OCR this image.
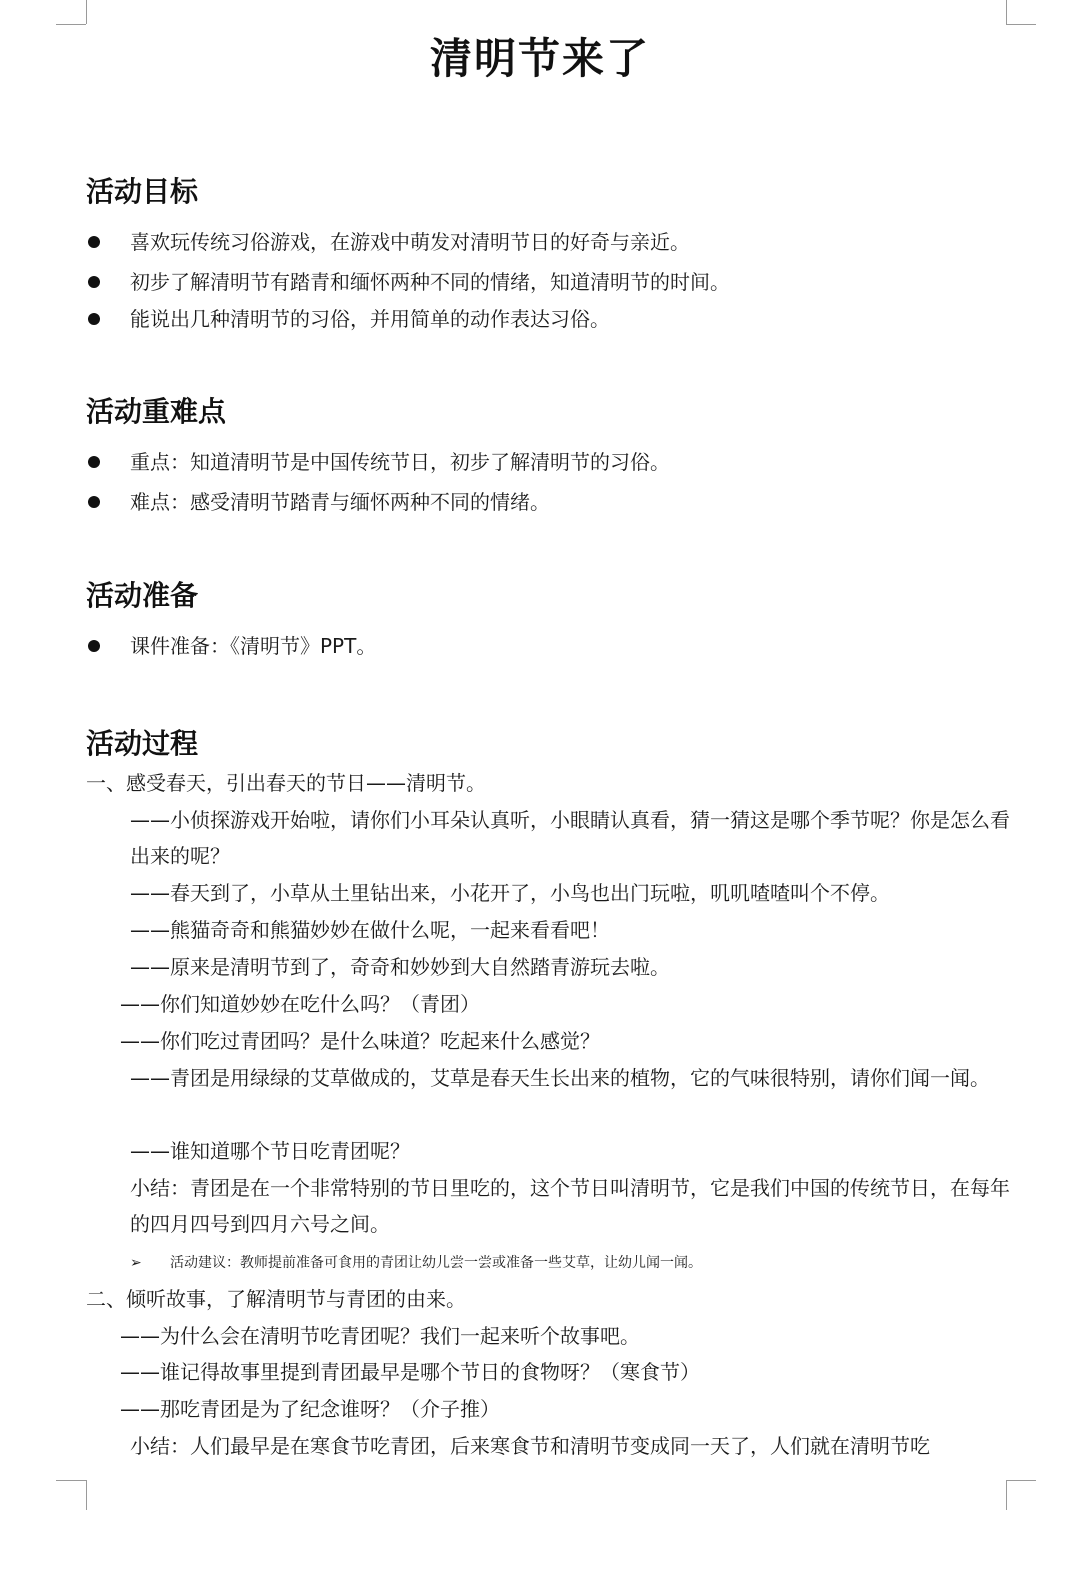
清明节来了
活动目标
喜欢玩传统习俗游戏，在游戏中萌发对清明节日的好奇与亲近。
初步了解清明节有踏青和缅怀两种不同的情绪，知道清明节的时间。
能说出几种清明节的习俗，并用简单的动作表达习俗。
活动重难点
重点：知道清明节是中国传统节日，初步了解清明节的习俗。
难点：感受清明节踏青与缅怀两种不同的情绪。
活动准备
课件准备：《清明节》PPT。
活动过程
一、感受春天，引出春天的节日——清明节。
——小侦探游戏开始啦，请你们小耳朵认真听，小眼睛认真看，猜一猜这是哪个季节呢？你是怎么看出来的呢？
——春天到了，小草从土里钻出来，小花开了，小鸟也出门玩啦，叽叽喳喳叫个不停。
——熊猫奇奇和熊猫妙妙在做什么呢，一起来看看吧！
——原来是清明节到了，奇奇和妙妙到大自然踏青游玩去啦。
——你们知道妙妙在吃什么吗？（青团）
——你们吃过青团吗？是什么味道？吃起来什么感觉？
——青团是用绿绿的艾草做成的，艾草是春天生长出来的植物，它的气味很特别，请你们闻一闻。
——谁知道哪个节日吃青团呢？
小结：青团是在一个非常特别的节日里吃的，这个节日叫清明节，它是我们中国的传统节日，在每年的四月四号到四月六号之间。
➢ 活动建议：教师提前准备可食用的青团让幼儿尝一尝或准备一些艾草，让幼儿闻一闻。
二、倾听故事，了解清明节与青团的由来。
——为什么会在清明节吃青团呢？我们一起来听个故事吧。
——谁记得故事里提到青团最早是哪个节日的食物呀？（寒食节）
——那吃青团是为了纪念谁呀？（介子推）
小结：人们最早是在寒食节吃青团，后来寒食节和清明节变成同一天了，人们就在清明节吃
